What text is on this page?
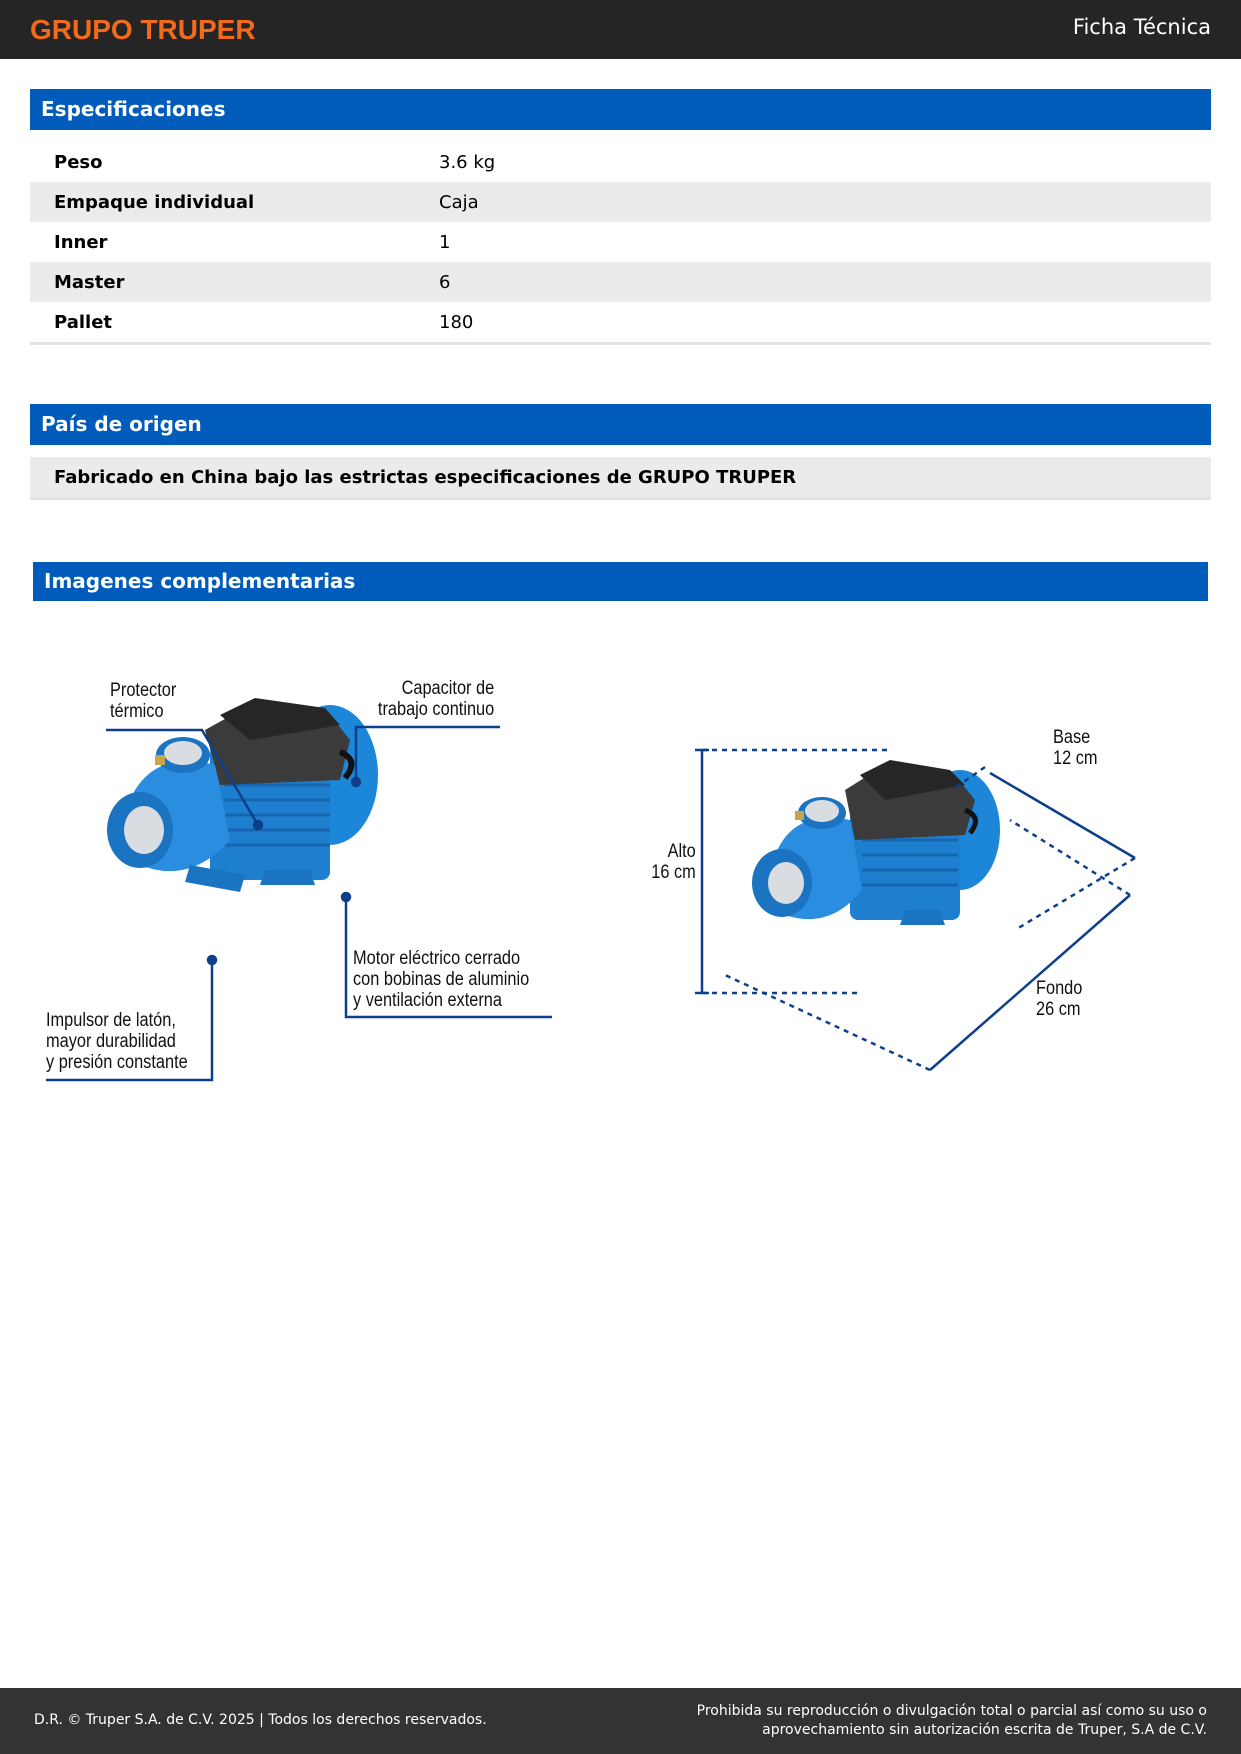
GRUPO TRUPER	Ficha Técnica
Especificaciones
Peso	3.6 kg
Empaque individual	Caja
Inner	1
Master	6
Pallet	180
País de origen
Fabricado en China bajo las estrictas especificaciones de GRUPO TRUPER
Imagenes complementarias
Protector
térmico
Capacitor de
trabajo continuo
Motor eléctrico cerrado
con bobinas de aluminio
y ventilación externa
Impulsor de latón,
mayor durabilidad
y presión constante
Alto
16 cm
Base
12 cm
Fondo
26 cm
D.R. © Truper S.A. de C.V. 2025 | Todos los derechos reservados.
Prohibida su reproducción o divulgación total o parcial así como su uso o aprovechamiento sin autorización escrita de Truper, S.A de C.V.
